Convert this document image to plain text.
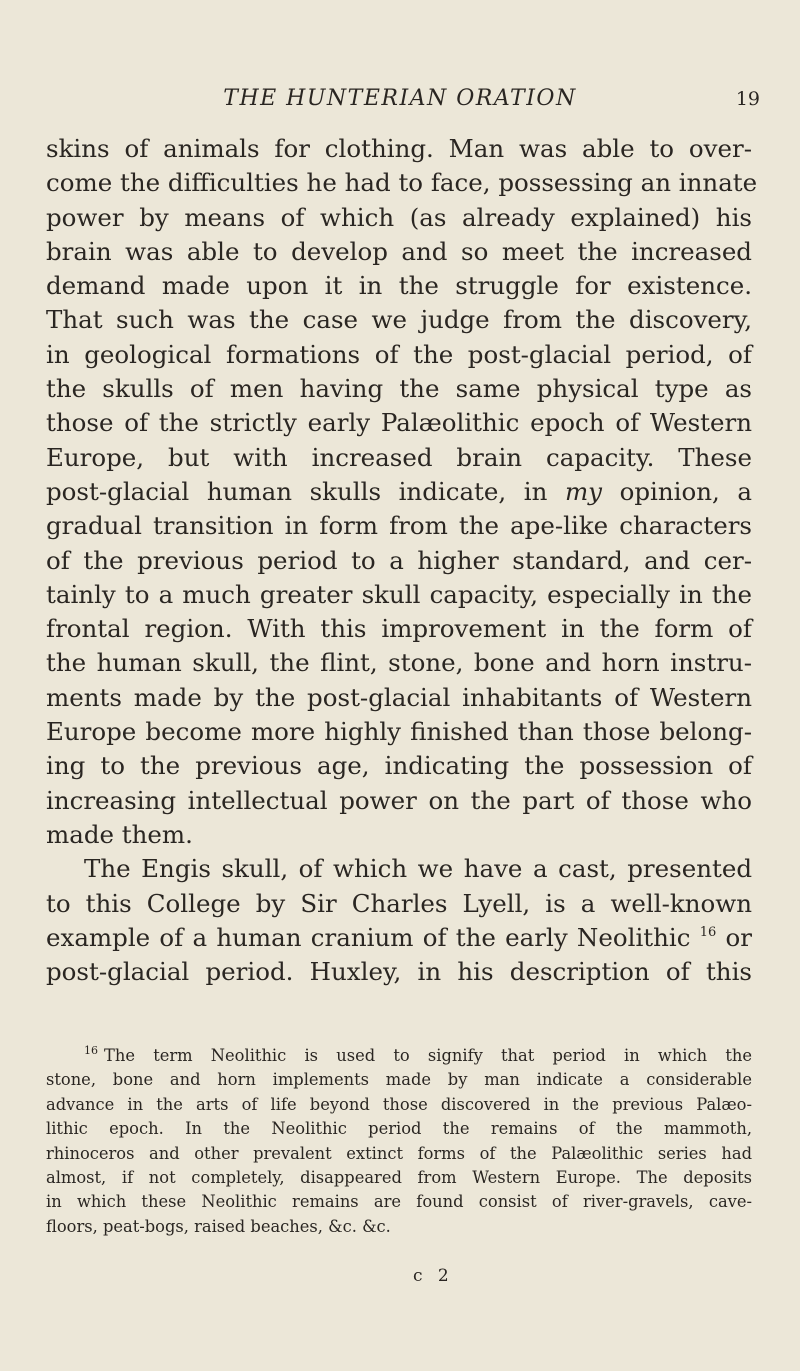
THE HUNTERIAN ORATION	19
skins of animals for clothing. Man was able to over-
come the difficulties he had to face, possessing an innate
power by means of which (as already explained) his
brain was able to develop and so meet the increased
demand made upon it in the struggle for existence.
That such was the case we judge from the discovery,
in geological formations of the post-glacial period, of
the skulls of men having the same physical type as
those of the strictly early Palæolithic epoch of Western
Europe, but with increased brain capacity. These
post-glacial human skulls indicate, in my opinion, a
gradual transition in form from the ape-like characters
of the previous period to a higher standard, and cer-
tainly to a much greater skull capacity, especially in the
frontal region. With this improvement in the form of
the human skull, the flint, stone, bone and horn instru-
ments made by the post-glacial inhabitants of Western
Europe become more highly finished than those belong-
ing to the previous age, indicating the possession of
increasing intellectual power on the part of those who
made them.
The Engis skull, of which we have a cast, presented
to this College by Sir Charles Lyell, is a well-known
example of a human cranium of the early Neolithic $^{16}$ or
post-glacial period. Huxley, in his description of this
$^{16}$ The term Neolithic is used to signify that period in which the
stone, bone and horn implements made by man indicate a considerable
advance in the arts of life beyond those discovered in the previous Palæo-
lithic epoch. In the Neolithic period the remains of the mammoth,
rhinoceros and other prevalent extinct forms of the Palæolithic series had
almost, if not completely, disappeared from Western Europe. The deposits
in which these Neolithic remains are found consist of river-gravels, cave-
floors, peat-bogs, raised beaches, &c. &c.
c 2
